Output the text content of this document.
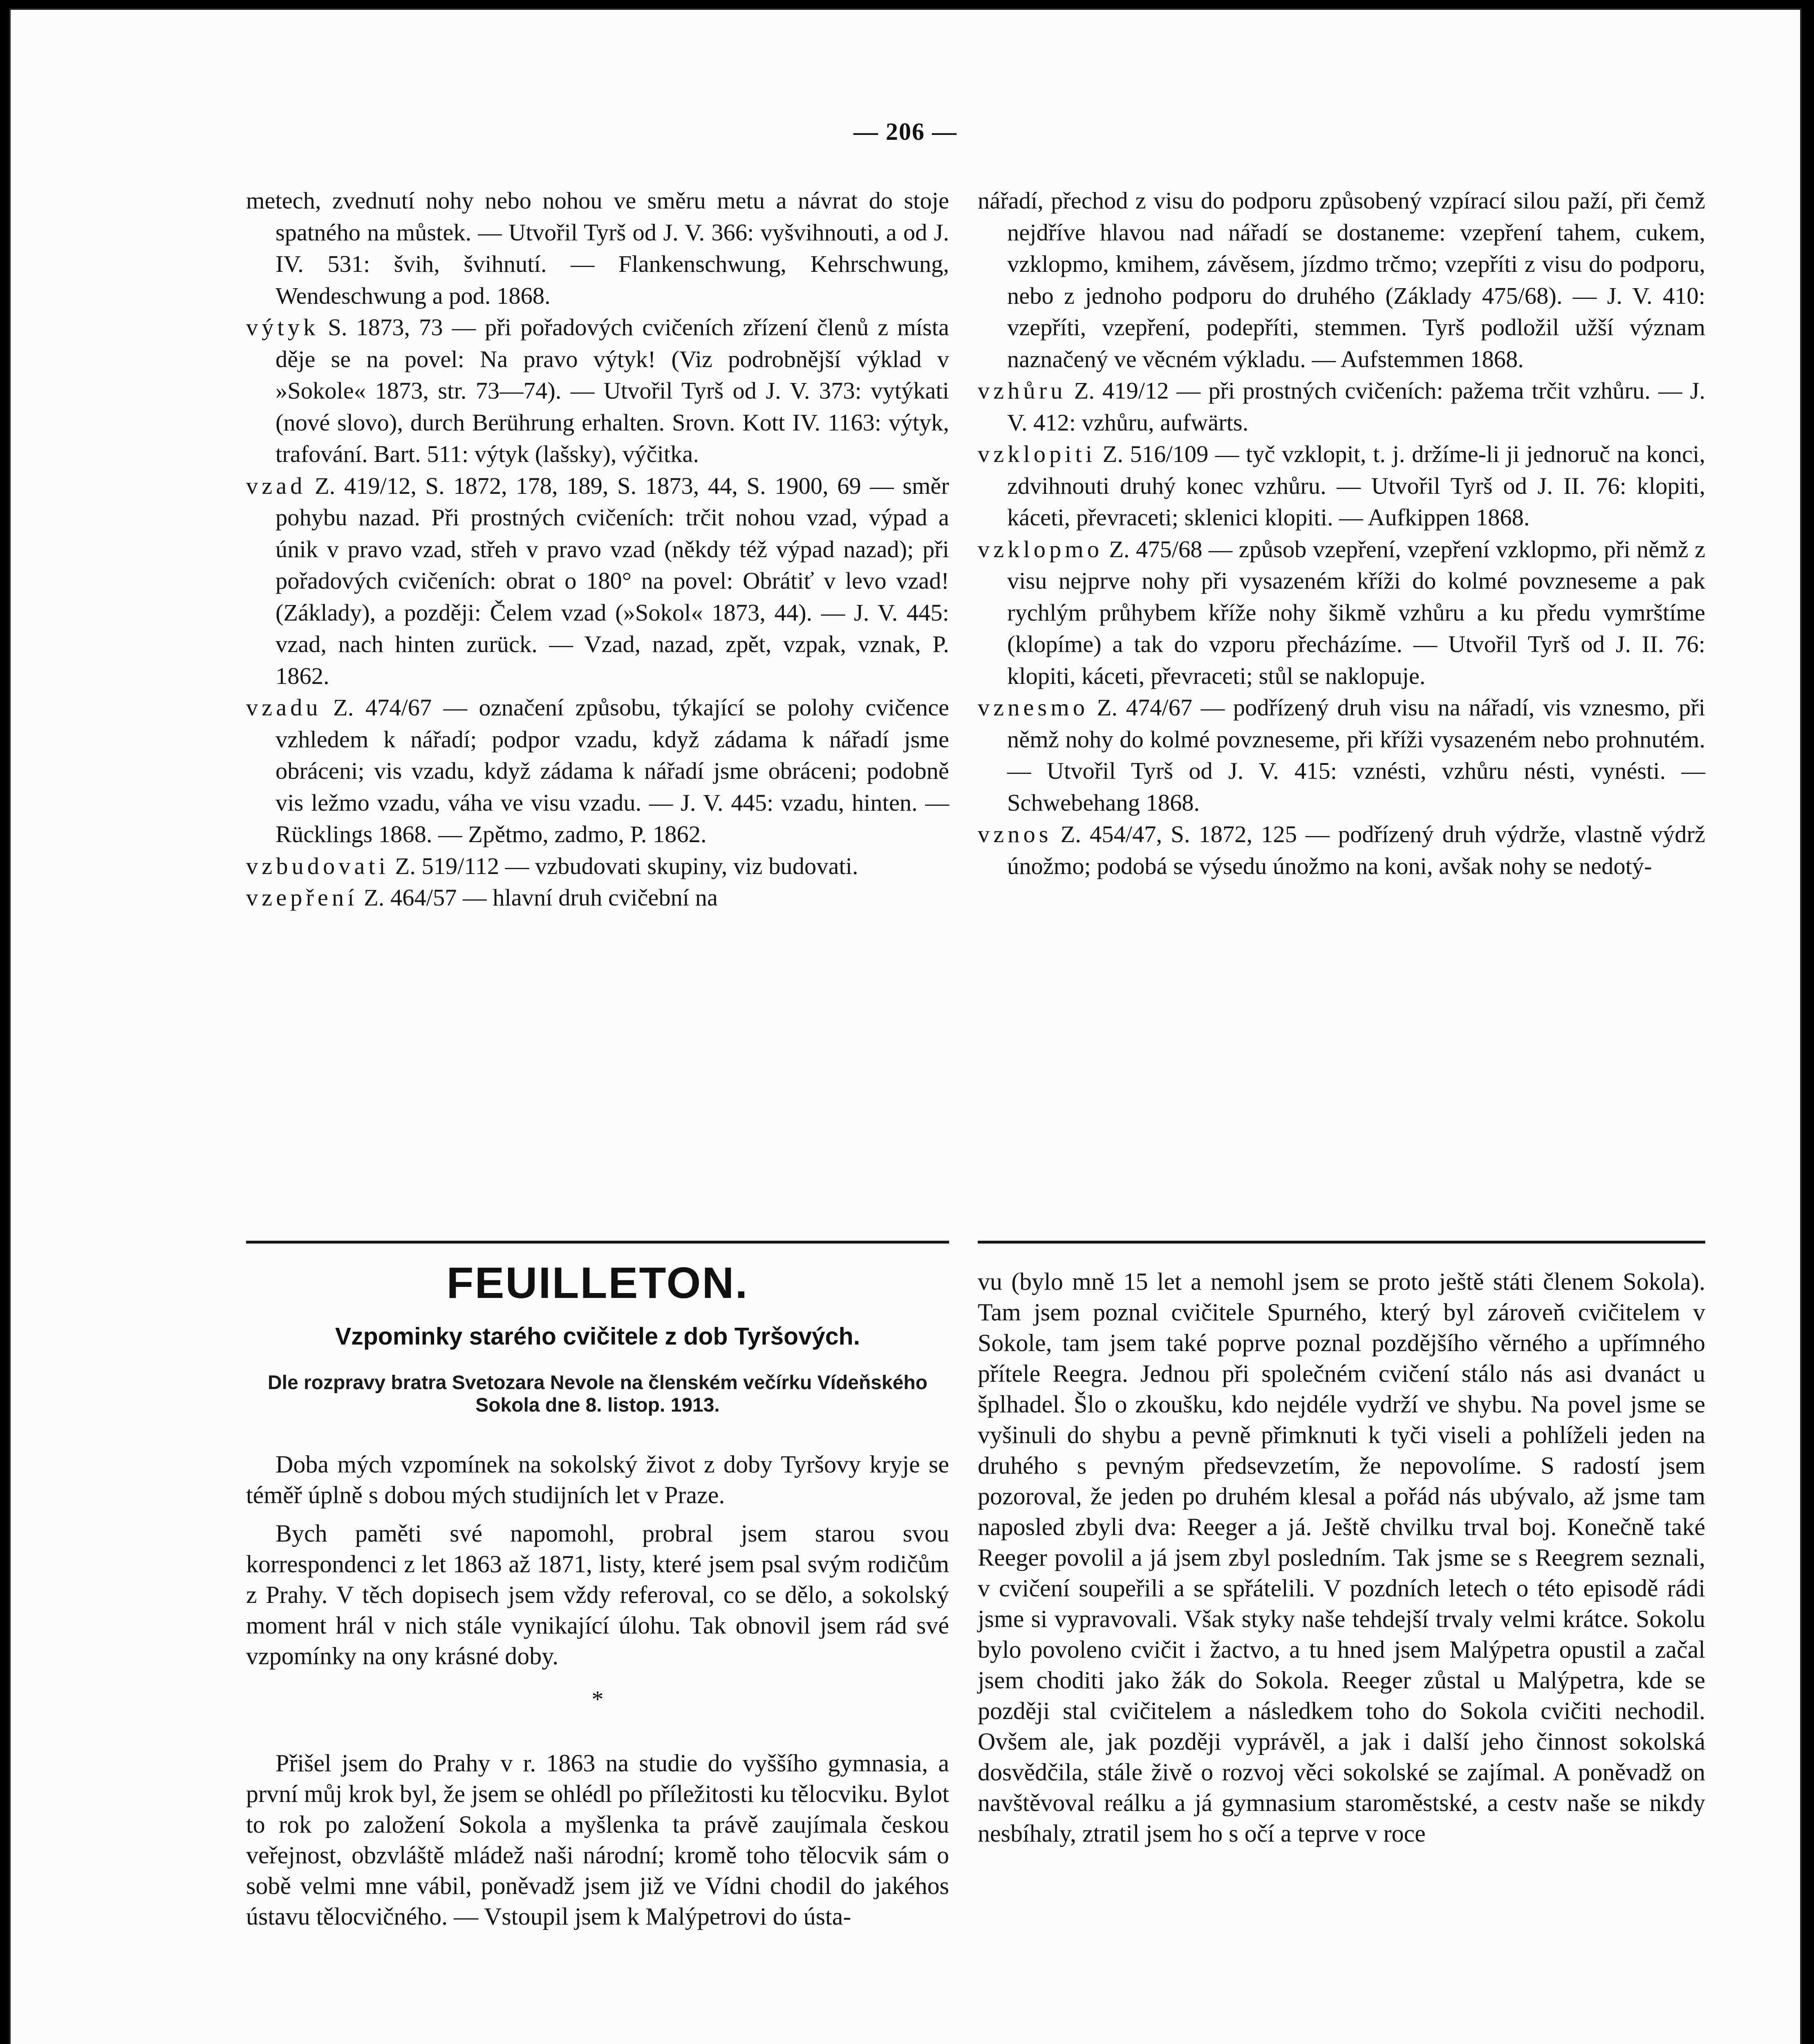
— 206 —
metech, zvednutí nohy nebo nohou ve směru metu a návrat do stoje spatného na můstek. — Utvořil Tyrš od J. V. 366: vyšvihnouti, a od J. IV. 531: švih, švihnutí. — Flankenschwung, Kehrschwung, Wendeschwung a pod. 1868.
výtyk S. 1873, 73 — při pořadových cvičeních zřízení členů z místa děje se na povel: Na pravo výtyk! (Viz podrobnější výklad v »Sokole« 1873, str. 73—74). — Utvořil Tyrš od J. V. 373: vytýkati (nové slovo), durch Berührung erhalten. Srovn. Kott IV. 1163: výtyk, trafování. Bart. 511: výtyk (lašsky), výčitka.
vzad Z. 419/12, S. 1872, 178, 189, S. 1873, 44, S. 1900, 69 — směr pohybu nazad. Při prostných cvičeních: trčit nohou vzad, výpad a únik v pravo vzad, střeh v pravo vzad (někdy též výpad nazad); při pořadových cvičeních: obrat o 180° na povel: Obrátiť v levo vzad! (Základy), a později: Čelem vzad (»Sokol« 1873, 44). — J. V. 445: vzad, nach hinten zurück. — Vzad, nazad, zpět, vzpak, vznak, P. 1862.
vzadu Z. 474/67 — označení způsobu, týkající se polohy cvičence vzhledem k nářadí; podpor vzadu, když zádama k nářadí jsme obráceni; vis vzadu, když zádama k nářadí jsme obráceni; podobně vis ležmo vzadu, váha ve visu vzadu. — J. V. 445: vzadu, hinten. — Rücklings 1868. — Zpětmo, zadmo, P. 1862.
vzbudovati Z. 519/112 — vzbudovati skupiny, viz budovati.
vzepření Z. 464/57 — hlavní druh cvičební na
nářadí, přechod z visu do podporu způsobený vzpírací silou paží, při čemž nejdříve hlavou nad nářadí se dostaneme: vzepření tahem, cukem, vzklopmo, kmihem, závěsem, jízdmo trčmo; vzepříti z visu do podporu, nebo z jednoho podporu do druhého (Základy 475/68). — J. V. 410: vzepříti, vzepření, podepříti, stemmen. Tyrš podložil užší význam naznačený ve věcném výkladu. — Aufstemmen 1868.
vzhůru Z. 419/12 — při prostných cvičeních: pažema trčit vzhůru. — J. V. 412: vzhůru, aufwärts.
vzklopiti Z. 516/109 — tyč vzklopit, t. j. držíme-li ji jednoruč na konci, zdvihnouti druhý konec vzhůru. — Utvořil Tyrš od J. II. 76: klopiti, káceti, převraceti; sklenici klopiti. — Aufkippen 1868.
vzklopmo Z. 475/68 — způsob vzepření, vzepření vzklopmo, při němž z visu nejprve nohy při vysazeném kříži do kolmé povzneseme a pak rychlým průhybem kříže nohy šikmě vzhůru a ku předu vymrštíme (klopíme) a tak do vzporu přecházíme. — Utvořil Tyrš od J. II. 76: klopiti, káceti, převraceti; stůl se naklopuje.
vznesmo Z. 474/67 — podřízený druh visu na nářadí, vis vznesmo, při němž nohy do kolmé povzneseme, při kříži vysazeném nebo prohnutém. — Utvořil Tyrš od J. V. 415: vznésti, vzhůru nésti, vynésti. — Schwebehang 1868.
vznos Z. 454/47, S. 1872, 125 — podřízený druh výdrže, vlastně výdrž únožmo; podobá se výsedu únožmo na koni, avšak nohy se nedotý-
FEUILLETON.
Vzpominky starého cvičitele z dob Tyršových.
Dle rozpravy bratra Svetozara Nevole na členském večírku Vídeňského Sokola dne 8. listop. 1913.

Doba mých vzpomínek na sokolský život z doby Tyršovy kryje se téměř úplně s dobou mých studijních let v Praze.

Bych paměti své napomohl, probral jsem starou svou korrespondenci z let 1863 až 1871, listy, které jsem psal svým rodičům z Prahy. V těch dopisech jsem vždy referoval, co se dělo, a sokolský moment hrál v nich stále vynikající úlohu. Tak obnovil jsem rád své vzpomínky na ony krásné doby.

*

Přišel jsem do Prahy v r. 1863 na studie do vyššího gymnasia, a první můj krok byl, že jsem se ohlédl po příležitosti ku tělocviku. Bylot to rok po založení Sokola a myšlenka ta právě zaujímala českou veřejnost, obzvláště mládež naši národní; kromě toho tělocvik sám o sobě velmi mne vábil, poněvadž jsem již ve Vídni chodil do jakéhos ústavu tělocvičného. — Vstoupil jsem k Malýpetrovi do ústa-

vu (bylo mně 15 let a nemohl jsem se proto ještě státi členem Sokola). Tam jsem poznal cvičitele Spurného, který byl zároveň cvičitelem v Sokole, tam jsem také poprve poznal pozdějšího věrného a upřímného přítele Reegra. Jednou při společném cvičení stálo nás asi dvanáct u šplhadel. Šlo o zkoušku, kdo nejdéle vydrží ve shybu. Na povel jsme se vyšinuli do shybu a pevně přimknuti k tyči viseli a pohlíželi jeden na druhého s pevným předsevzetím, že nepovolíme. S radostí jsem pozoroval, že jeden po druhém klesal a pořád nás ubývalo, až jsme tam naposled zbyli dva: Reeger a já. Ještě chvilku trval boj. Konečně také Reeger povolil a já jsem zbyl posledním. Tak jsme se s Reegrem seznali, v cvičení soupeřili a se spřátelili. V pozdních letech o této episodě rádi jsme si vypravovali. Však styky naše tehdejší trvaly velmi krátce. Sokolu bylo povoleno cvičit i žactvo, a tu hned jsem Malýpetra opustil a začal jsem choditi jako žák do Sokola. Reeger zůstal u Malýpetra, kde se později stal cvičitelem a následkem toho do Sokola cvičiti nechodil. Ovšem ale, jak později vyprávěl, a jak i další jeho činnost sokolská dosvědčila, stále živě o rozvoj věci sokolské se zajímal. A poněvadž on navštěvoval reálku a já gymnasium staroměstské, a cestv naše se nikdy nesbíhaly, ztratil jsem ho s očí a teprve v roce
